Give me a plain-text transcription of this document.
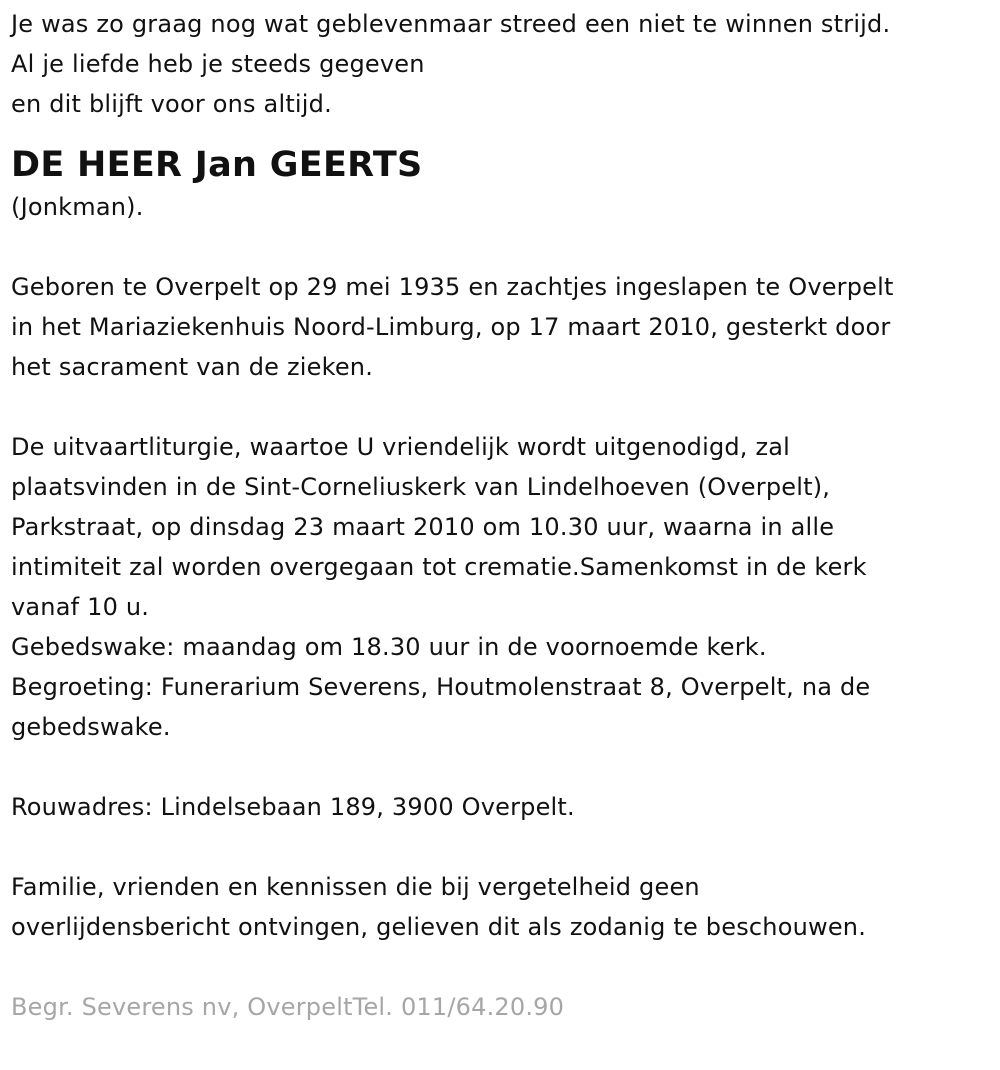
Je was zo graag nog wat geblevenmaar streed een niet te winnen strijd.
Al je liefde heb je steeds gegeven
en dit blijft voor ons altijd.
DE HEER Jan GEERTS
(Jonkman).
Geboren te Overpelt op 29 mei 1935 en zachtjes ingeslapen te Overpelt
in het Mariaziekenhuis Noord-Limburg, op 17 maart 2010, gesterkt door
het sacrament van de zieken.
De uitvaartliturgie, waartoe U vriendelijk wordt uitgenodigd, zal
plaatsvinden in de Sint-Corneliuskerk van Lindelhoeven (Overpelt),
Parkstraat, op dinsdag 23 maart 2010 om 10.30 uur, waarna in alle
intimiteit zal worden overgegaan tot crematie.Samenkomst in de kerk
vanaf 10 u.
Gebedswake: maandag om 18.30 uur in de voornoemde kerk.
Begroeting: Funerarium Severens, Houtmolenstraat 8, Overpelt, na de
gebedswake.
Rouwadres: Lindelsebaan 189, 3900 Overpelt.
Familie, vrienden en kennissen die bij vergetelheid geen
overlijdensbericht ontvingen, gelieven dit als zodanig te beschouwen.
Begr. Severens nv, OverpeltTel. 011/64.20.90
